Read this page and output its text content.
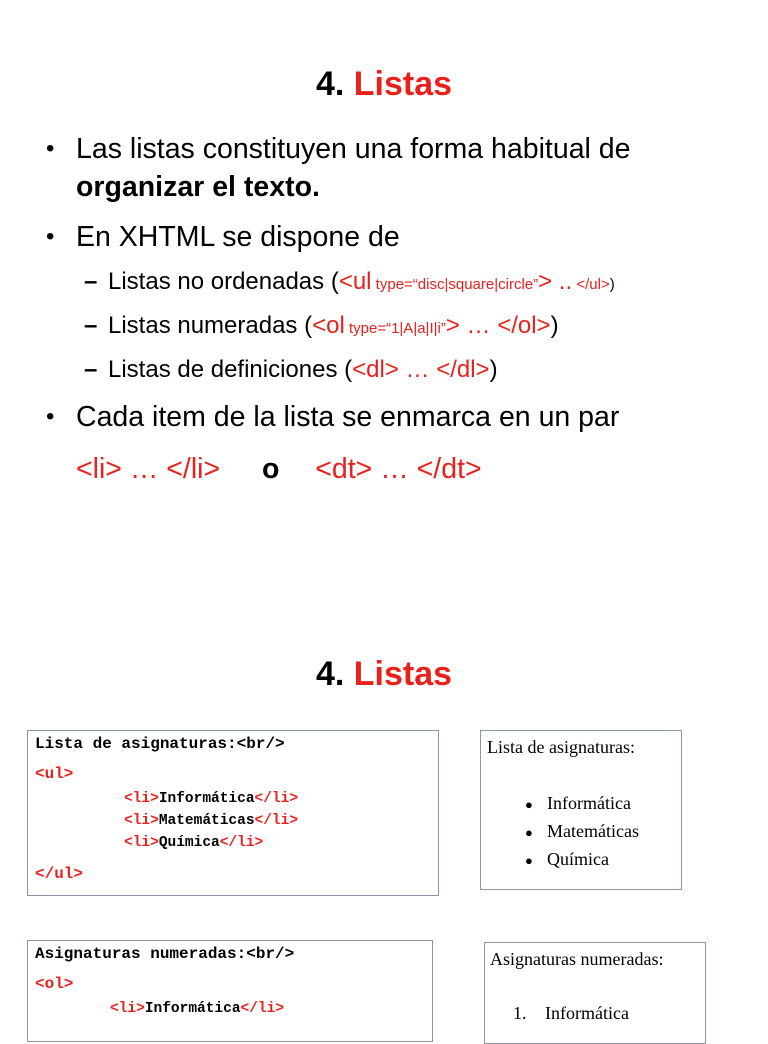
4. Listas
• Las listas constituyen una forma habitual de
organizar el texto.
• En XHTML se dispone de
– Listas no ordenadas (<ul type=“disc|square|circle”> .. </ul>)
– Listas numeradas (<ol type=“1|A|a|I|i”> … </ol>)
– Listas de definiciones (<dl> … </dl>)
• Cada item de la lista se enmarca en un par
<li> … </li> o <dt> … </dt>
4. Listas
Lista de asignaturas:<br/>
<ul>
<li>Informática</li>
<li>Matemáticas</li>
<li>Química</li>
</ul>
Lista de asignaturas:
● Informática
● Matemáticas
● Química
Asignaturas numeradas:<br/>
<ol>
<li>Informática</li>
Asignaturas numeradas:
1. Informática
